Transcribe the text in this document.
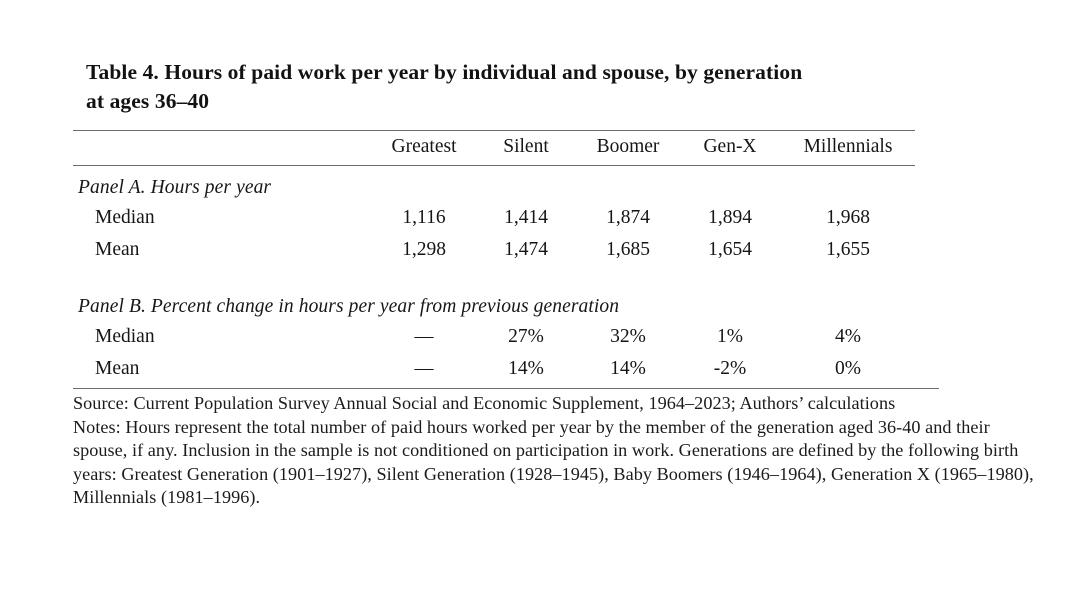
Table 4. Hours of paid work per year by individual and spouse, by generation at ages 36–40
	Greatest	Silent	Boomer	Gen-X	Millennials
Panel A. Hours per year					
Median	1,116	1,414	1,874	1,894	1,968
Mean	1,298	1,474	1,685	1,654	1,655
Panel B. Percent change in hours per year from previous generation					
Median	—	27%	32%	1%	4%
Mean	—	14%	14%	-2%	0%

Source: Current Population Survey Annual Social and Economic Supplement, 1964–2023; Authors’ calculations

Notes: Hours represent the total number of paid hours worked per year by the member of the generation aged 36-40 and their spouse, if any. Inclusion in the sample is not conditioned on participation in work. Generations are defined by the following birth years: Greatest Generation (1901–1927), Silent Generation (1928–1945), Baby Boomers (1946–1964), Generation X (1965–1980), Millennials (1981–1996).
